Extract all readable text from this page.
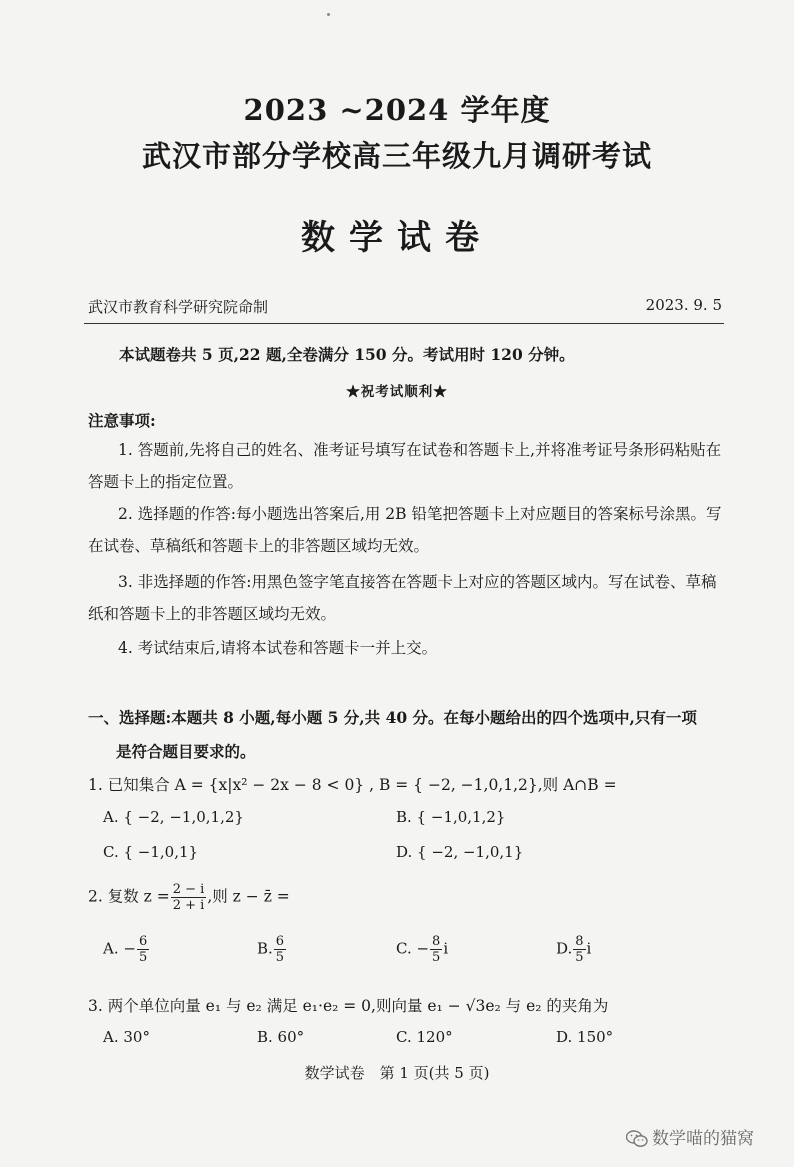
2023 ~2024 学年度
武汉市部分学校高三年级九月调研考试
数学试卷
武汉市教育科学研究院命制	2023. 9. 5
本试题卷共 5 页,22 题,全卷满分 150 分。考试用时 120 分钟。
★祝考试顺利★
注意事项:
1. 答题前,先将自己的姓名、准考证号填写在试卷和答题卡上,并将准考证号条形码粘贴在答题卡上的指定位置。
2. 选择题的作答:每小题选出答案后,用 2B 铅笔把答题卡上对应题目的答案标号涂黑。写在试卷、草稿纸和答题卡上的非答题区域均无效。
3. 非选择题的作答:用黑色签字笔直接答在答题卡上对应的答题区域内。写在试卷、草稿纸和答题卡上的非答题区域均无效。
4. 考试结束后,请将本试卷和答题卡一并上交。
一、选择题:本题共 8 小题,每小题 5 分,共 40 分。在每小题给出的四个选项中,只有一项
是符合题目要求的。
1. 已知集合 A = {x|x² − 2x − 8 < 0} , B = { −2, −1,0,1,2},则 A∩B =
A. { −2, −1,0,1,2}	B. { −1,0,1,2}
C. { −1,0,1}	D. { −2, −1,0,1}
2. 复数 $z = \frac{2 - i}{2 + i}$ ,则 z − z̄ =
A. − $\frac{6}{5}$	B. $\frac{6}{5}$	C. − $\frac{8}{5}$ i	D. $\frac{8}{5}$ i
3. 两个单位向量 e₁ 与 e₂ 满足 e₁·e₂ = 0,则向量 e₁ − √3e₂ 与 e₂ 的夹角为
A. 30°	B. 60°	C. 120°	D. 150°
数学试卷　第 1 页(共 5 页)
数学喵的猫窝
